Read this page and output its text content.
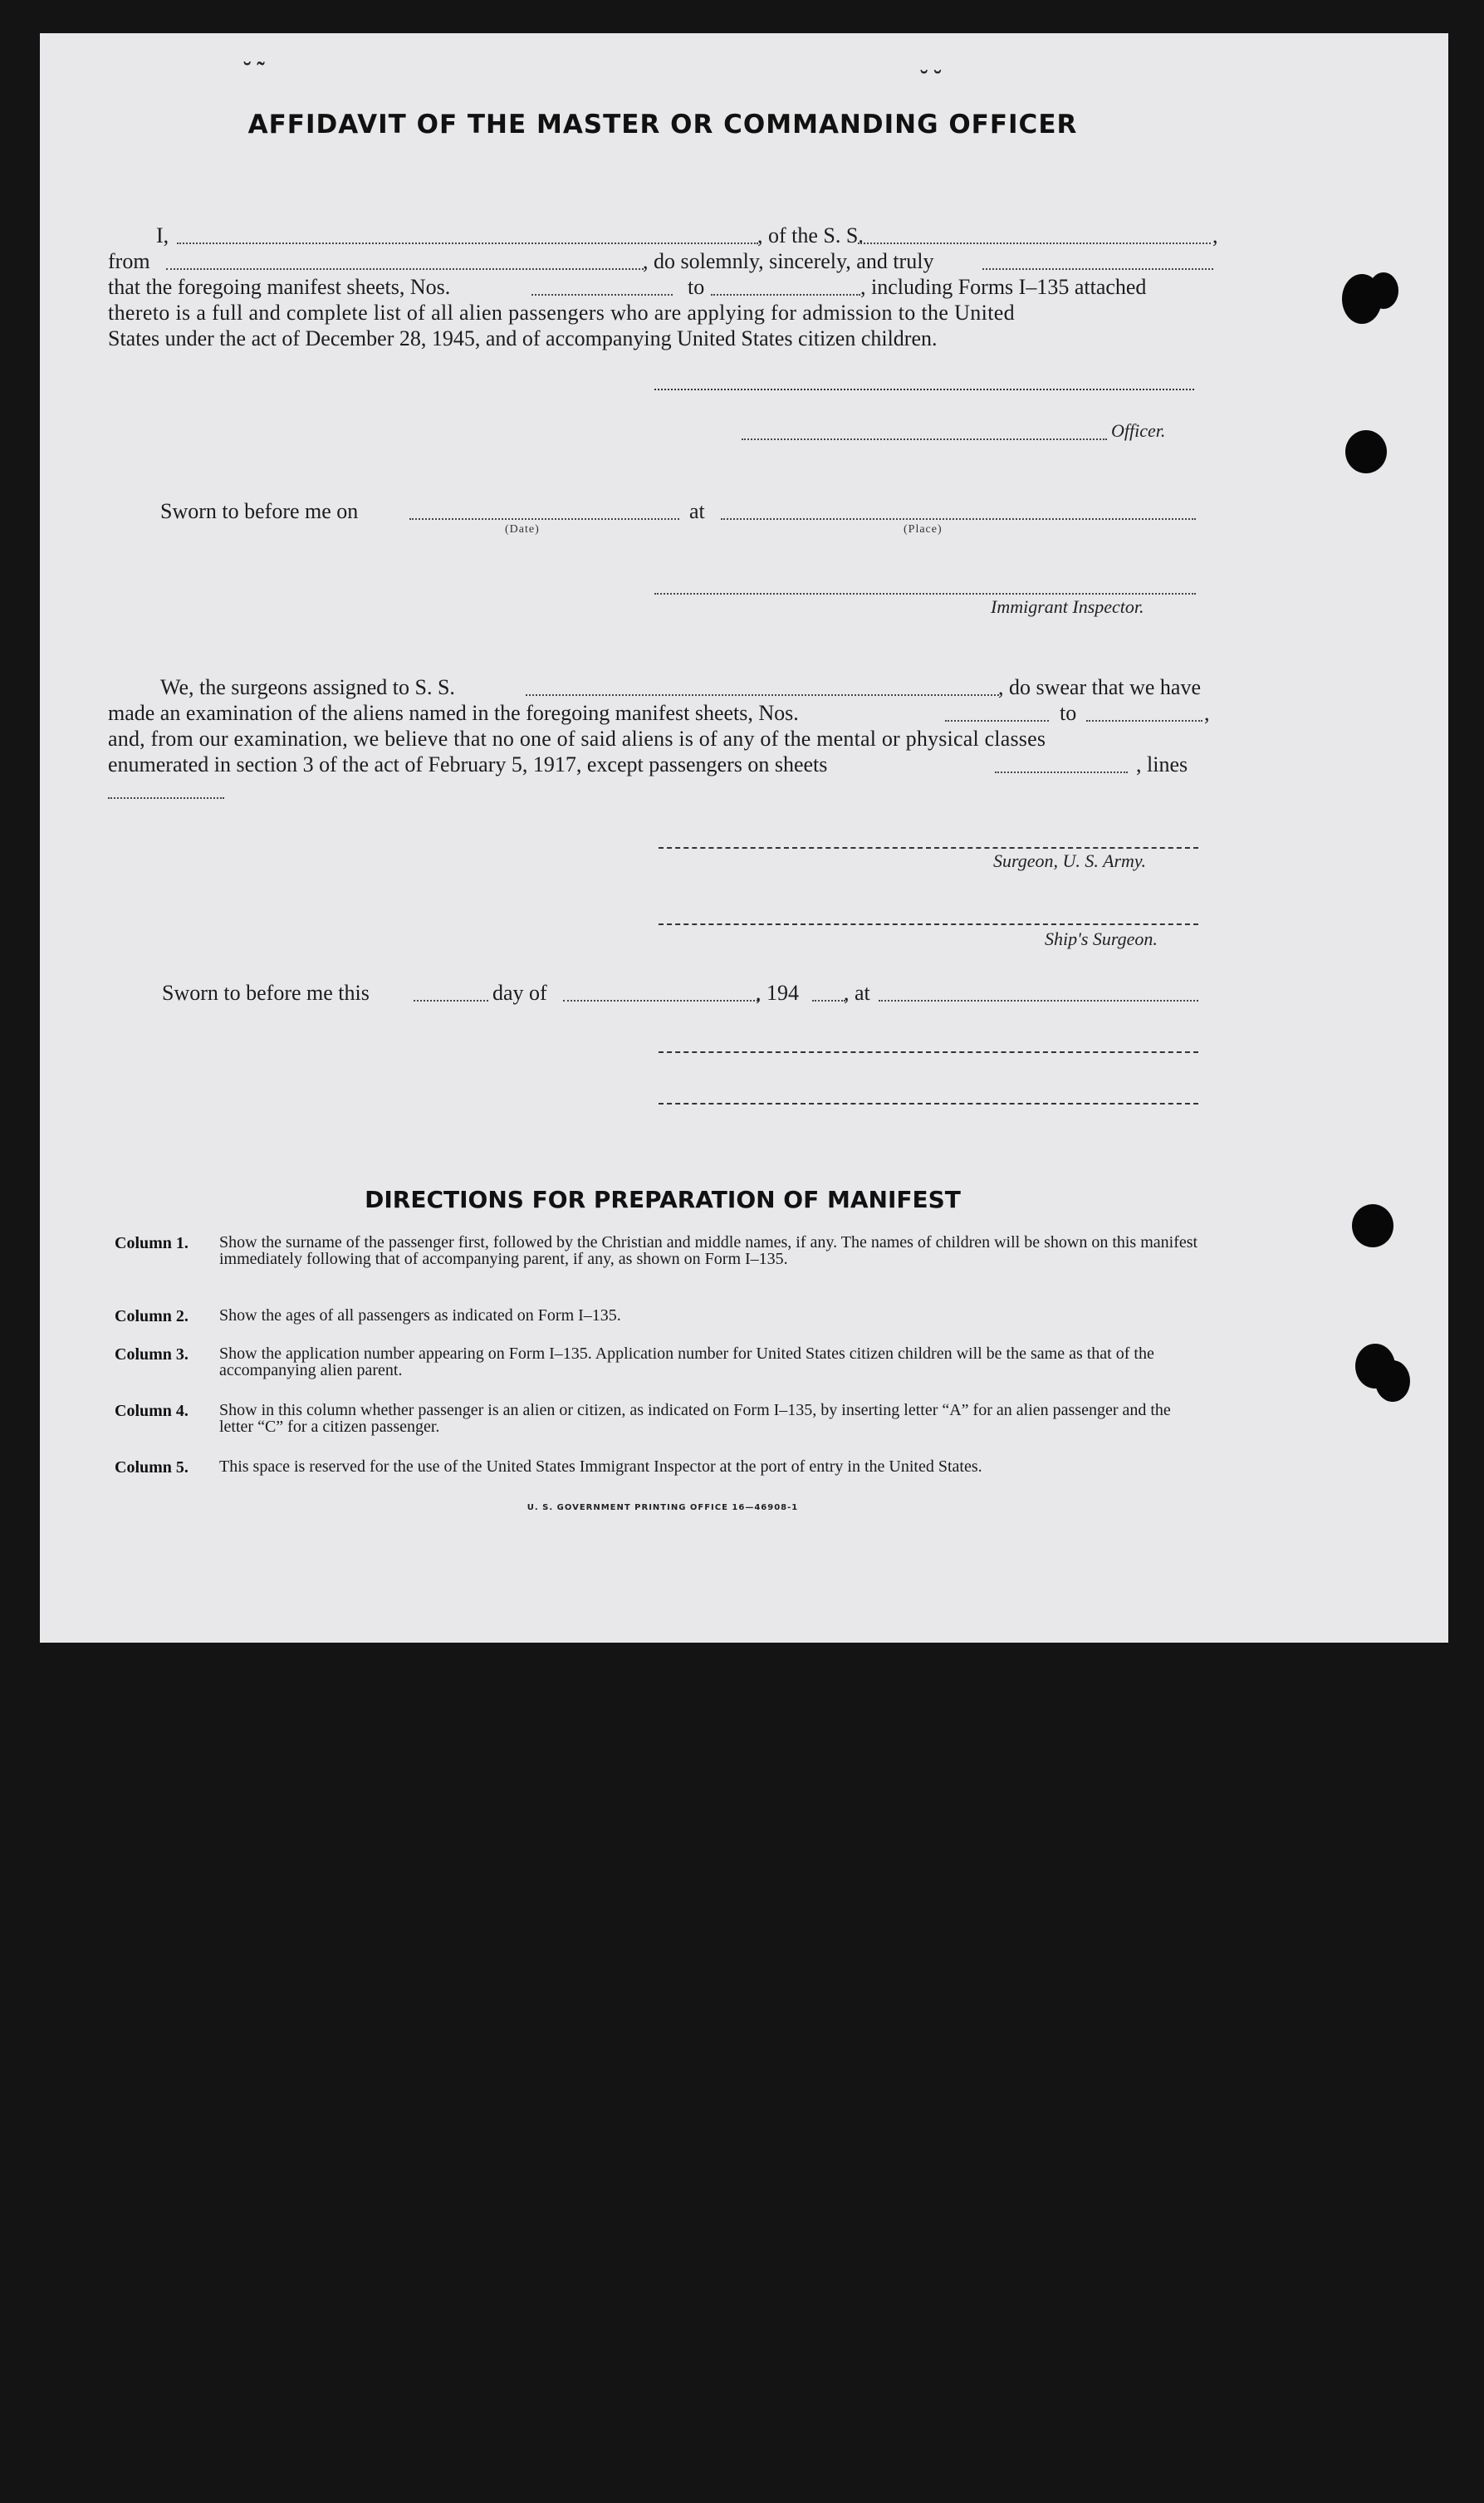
˘ ˜	˘ ˘
AFFIDAVIT OF THE MASTER OR COMMANDING OFFICER
I,	, of the S. S.	,
from	, do solemnly, sincerely, and truly
that the foregoing manifest sheets, Nos.	to	, including Forms I–135 attached
thereto is a full and complete list of all alien passengers who are applying for admission to the United
States under the act of December 28, 1945, and of accompanying United States citizen children.
Officer.
Sworn to before me on
(Date)
at
(Place)
Immigrant Inspector.
We, the surgeons assigned to S. S.	, do swear that we have
made an examination of the aliens named in the foregoing manifest sheets, Nos.	to	,
and, from our examination, we believe that no one of said aliens is of any of the mental or physical classes
enumerated in section 3 of the act of February 5, 1917, except passengers on sheets	, lines
Surgeon, U. S. Army.
Ship's Surgeon.
Sworn to before me this	day of	, 194 , at
DIRECTIONS FOR PREPARATION OF MANIFEST
Column 1. Show the surname of the passenger first, followed by the Christian and middle names, if any. The names of children will be shown on this manifest immediately following that of accompanying parent, if any, as shown on Form I–135.
Column 2. Show the ages of all passengers as indicated on Form I–135.
Column 3. Show the application number appearing on Form I–135. Application number for United States citizen children will be the same as that of the accompanying alien parent.
Column 4. Show in this column whether passenger is an alien or citizen, as indicated on Form I–135, by inserting letter “A” for an alien passenger and the letter “C” for a citizen passenger.
Column 5. This space is reserved for the use of the United States Immigrant Inspector at the port of entry in the United States.
U. S. GOVERNMENT PRINTING OFFICE 16—46908-1
